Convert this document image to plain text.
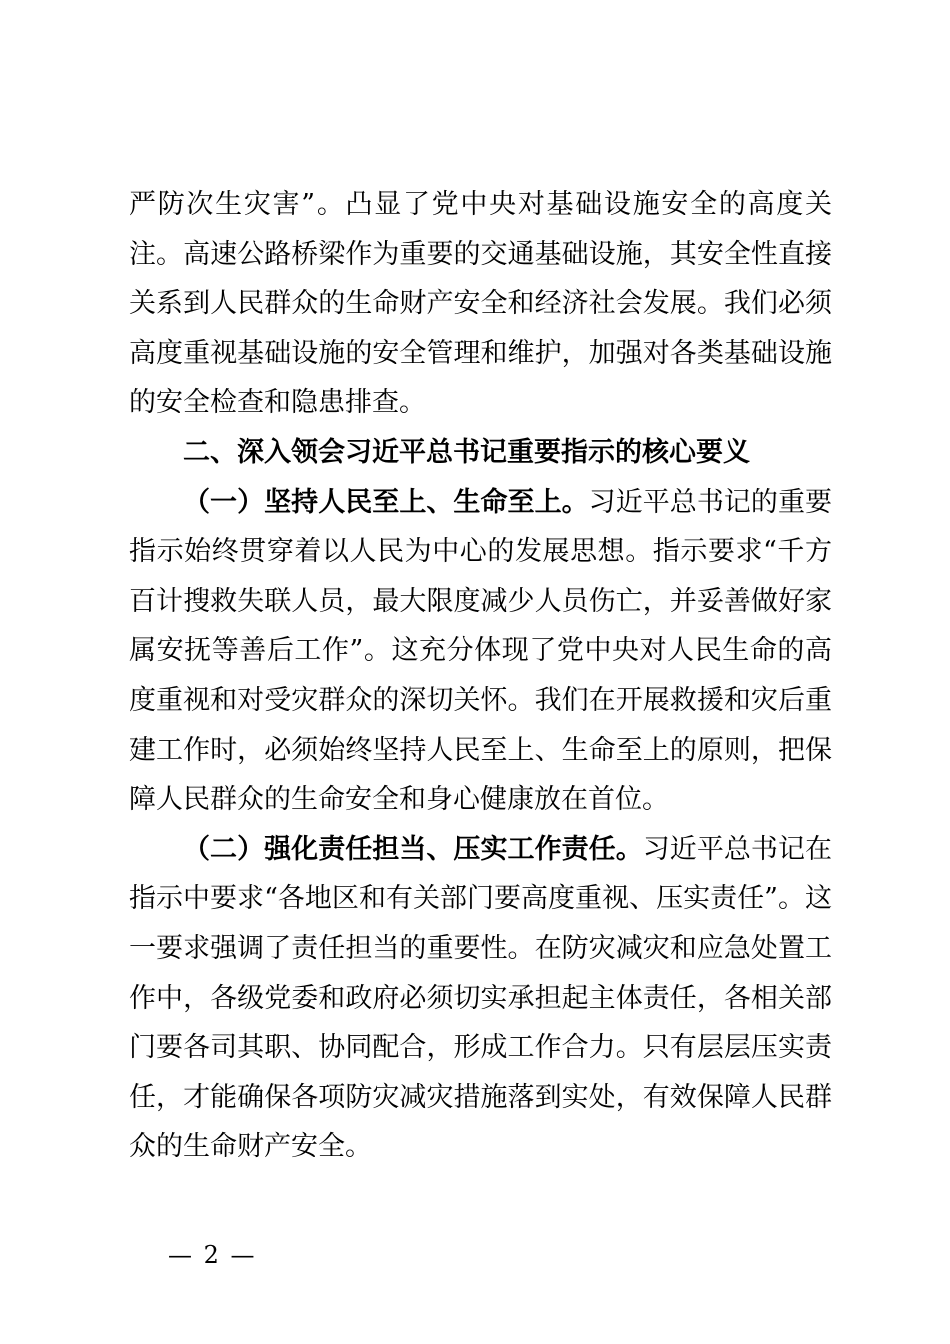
严防次生灾害”。凸显了党中央对基础设施安全的高度关注。高速公路桥梁作为重要的交通基础设施，其安全性直接关系到人民群众的生命财产安全和经济社会发展。我们必须高度重视基础设施的安全管理和维护，加强对各类基础设施的安全检查和隐患排查。

二、深入领会习近平总书记重要指示的核心要义

（一）坚持人民至上、生命至上。习近平总书记的重要指示始终贯穿着以人民为中心的发展思想。指示要求“千方百计搜救失联人员，最大限度减少人员伤亡，并妥善做好家属安抚等善后工作”。这充分体现了党中央对人民生命的高度重视和对受灾群众的深切关怀。我们在开展救援和灾后重建工作时，必须始终坚持人民至上、生命至上的原则，把保障人民群众的生命安全和身心健康放在首位。

（二）强化责任担当、压实工作责任。习近平总书记在指示中要求“各地区和有关部门要高度重视、压实责任”。这一要求强调了责任担当的重要性。在防灾减灾和应急处置工作中，各级党委和政府必须切实承担起主体责任，各相关部门要各司其职、协同配合，形成工作合力。只有层层压实责任，才能确保各项防灾减灾措施落到实处，有效保障人民群众的生命财产安全。

— 2 —
